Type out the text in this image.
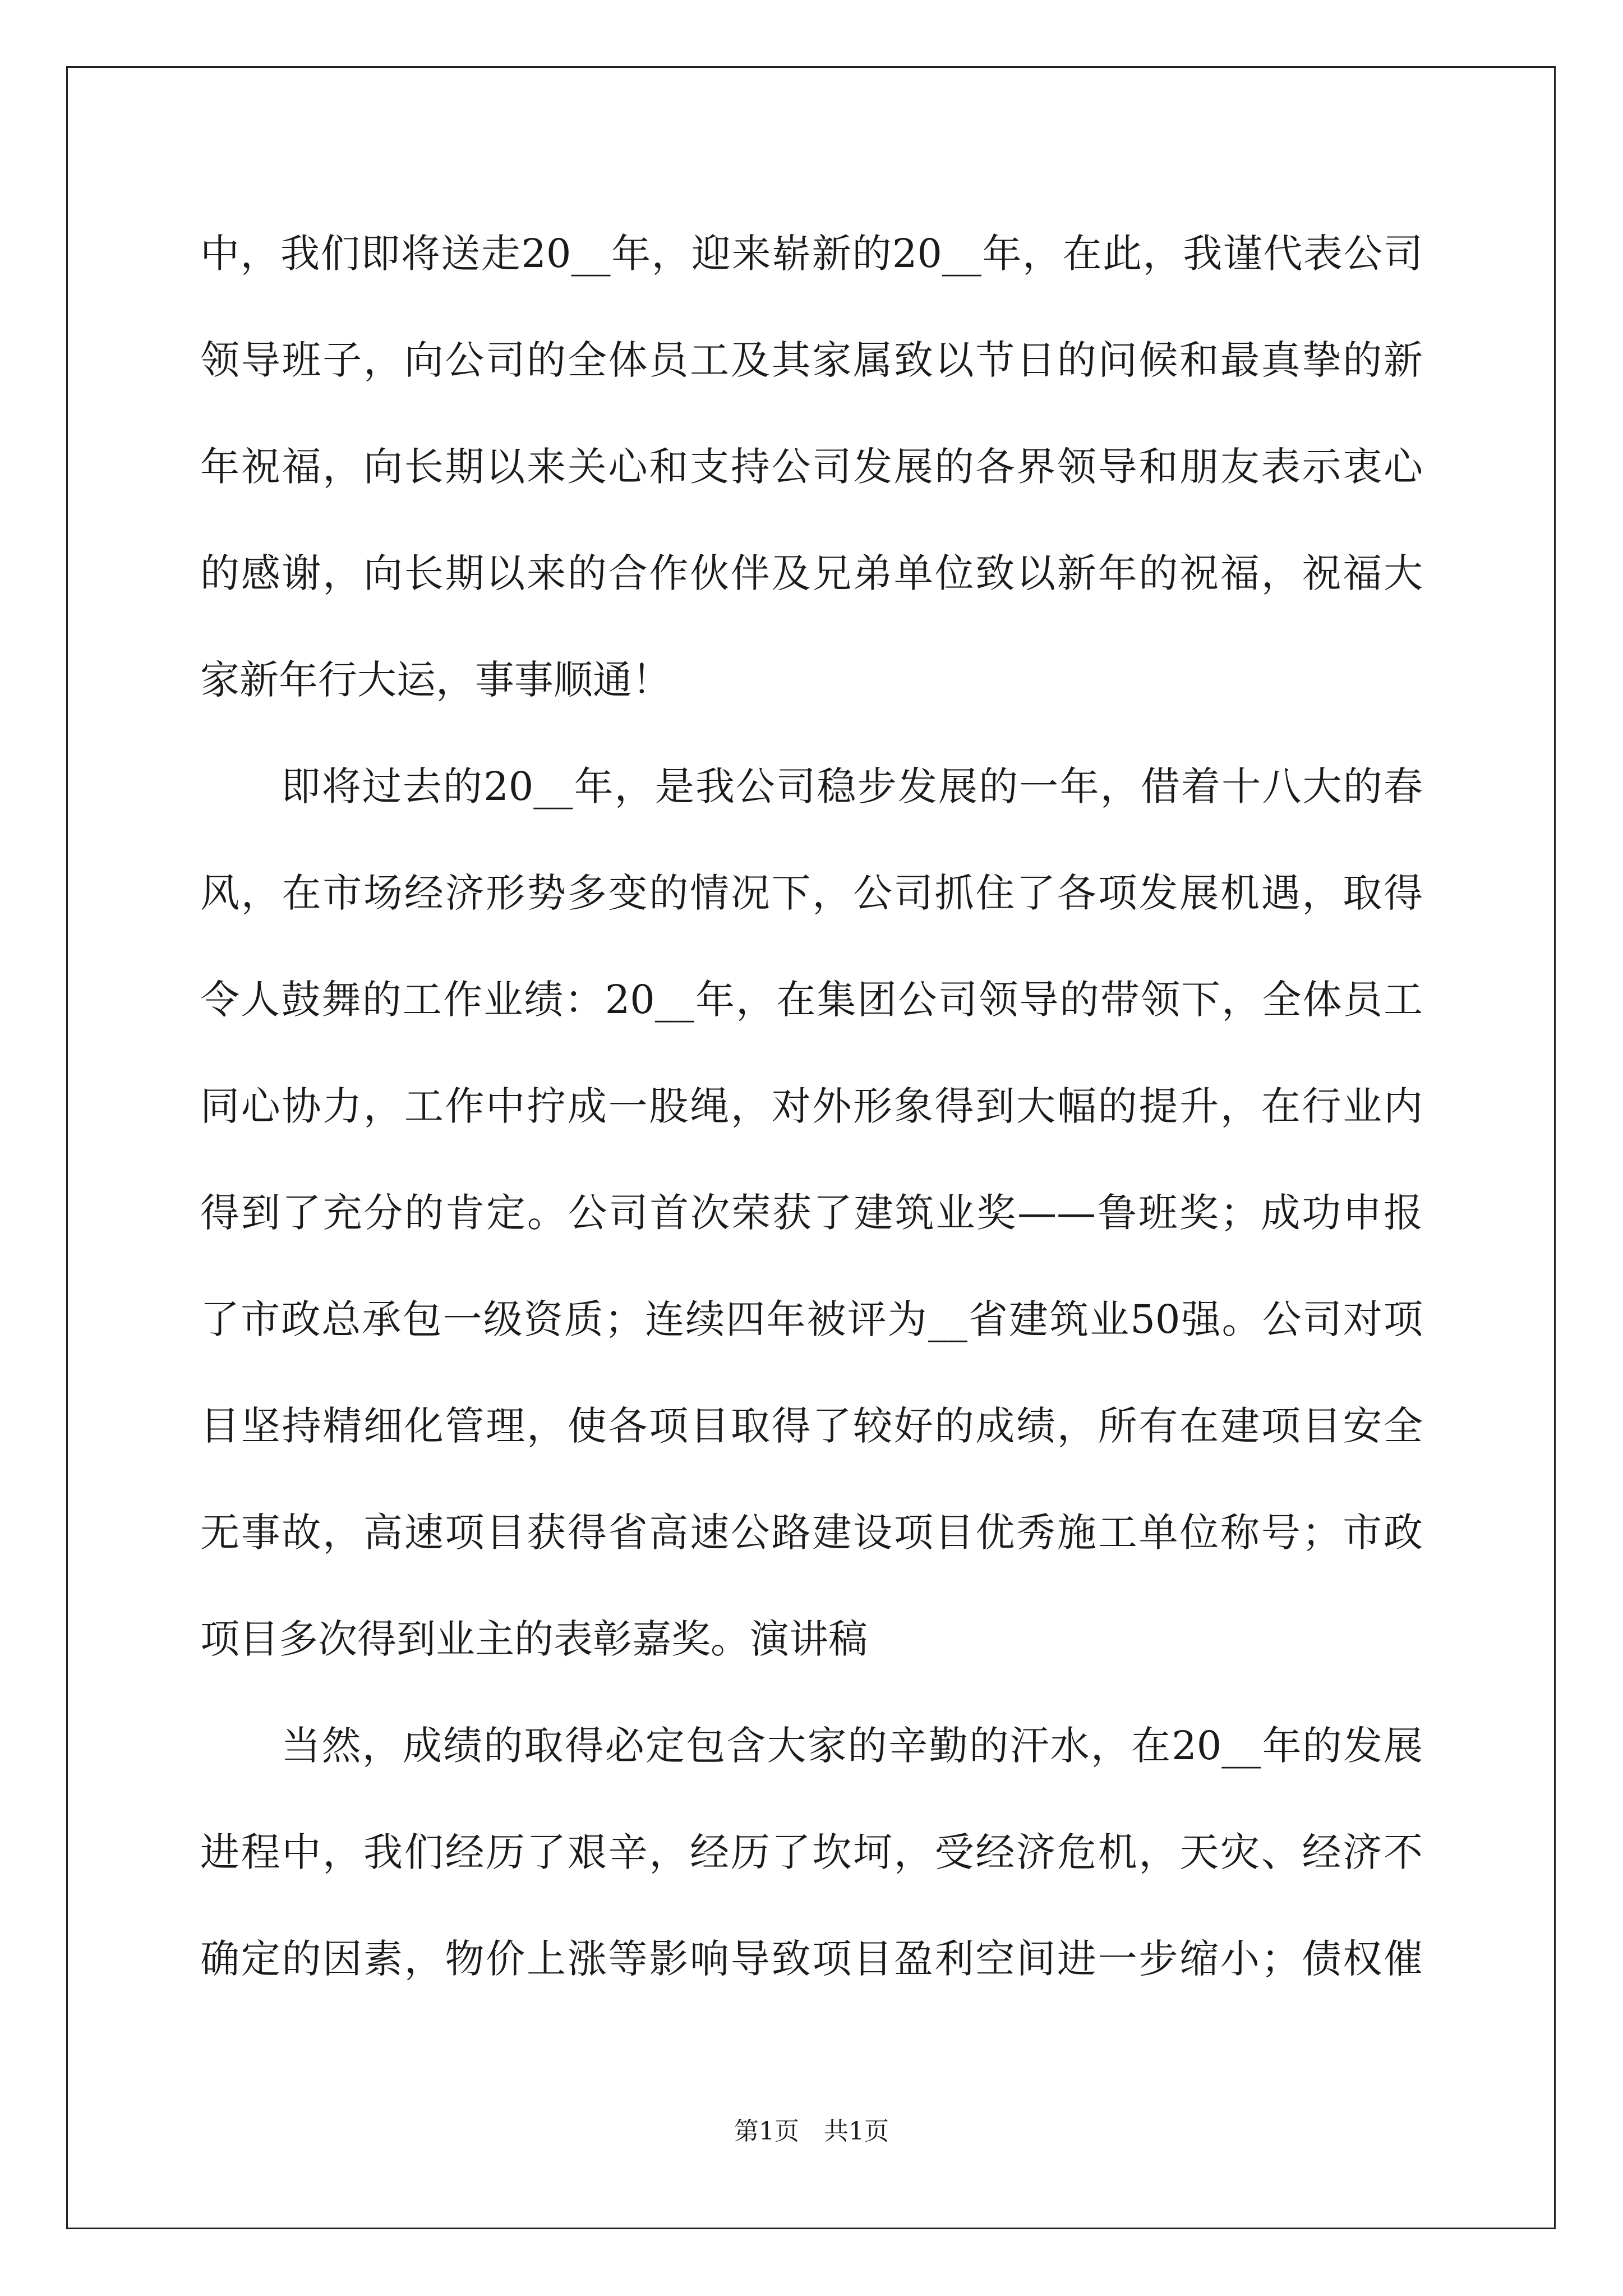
中，我们即将送走20__年，迎来崭新的20__年，在此，我谨代表公司
领导班子，向公司的全体员工及其家属致以节日的问候和最真挚的新
年祝福，向长期以来关心和支持公司发展的各界领导和朋友表示衷心
的感谢，向长期以来的合作伙伴及兄弟单位致以新年的祝福，祝福大
家新年行大运，事事顺通！
　　即将过去的20__年，是我公司稳步发展的一年，借着十八大的春
风，在市场经济形势多变的情况下，公司抓住了各项发展机遇，取得
令人鼓舞的工作业绩：20__年，在集团公司领导的带领下，全体员工
同心协力，工作中拧成一股绳，对外形象得到大幅的提升，在行业内
得到了充分的肯定。公司首次荣获了建筑业奖——鲁班奖；成功申报
了市政总承包一级资质；连续四年被评为__省建筑业50强。公司对项
目坚持精细化管理，使各项目取得了较好的成绩，所有在建项目安全
无事故，高速项目获得省高速公路建设项目优秀施工单位称号；市政
项目多次得到业主的表彰嘉奖。演讲稿
　　当然，成绩的取得必定包含大家的辛勤的汗水，在20__年的发展
进程中，我们经历了艰辛，经历了坎坷，受经济危机，天灾、经济不
确定的因素，物价上涨等影响导致项目盈利空间进一步缩小；债权催
第1页　共1页
